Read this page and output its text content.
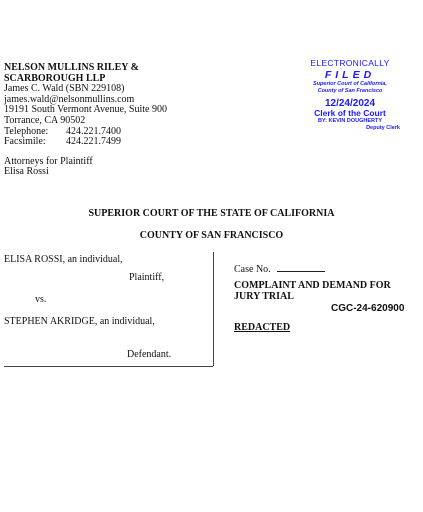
NELSON MULLINS RILEY &
SCARBOROUGH LLP
James C. Wald (SBN 229108)
james.wald@nelsonmullins.com
19191 South Vermont Avenue, Suite 900
Torrance, CA 90502
Telephone:	424.221.7400
Facsimile:	424.221.7499
Attorneys for Plaintiff
Elisa Rossi
ELECTRONICALLY
FILED
Superior Court of California,
County of San Francisco
12/24/2024
Clerk of the Court
BY: KEVIN DOUGHERTY
Deputy Clerk
SUPERIOR COURT OF THE STATE OF CALIFORNIA
COUNTY OF SAN FRANCISCO
ELISA ROSSI, an individual,
Plaintiff,
vs.
STEPHEN AKRIDGE, an individual,
Defendant.
Case No.
COMPLAINT AND DEMAND FOR
JURY TRIAL
CGC-24-620900
REDACTED
